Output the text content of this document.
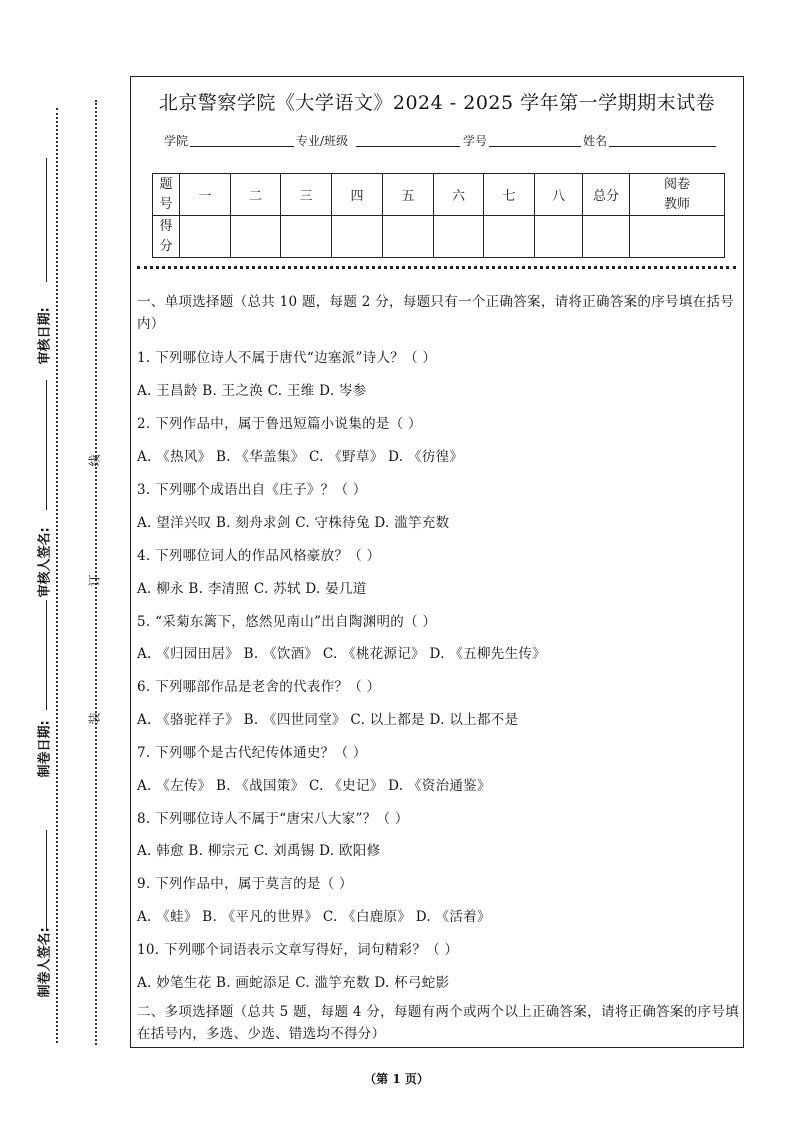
审核日期:
审核人签名:
制卷日期:
制卷人签名:
线
订
装
北京警察学院《大学语文》2024 - 2025 学年第一学期期末试卷
学院	专业/班级	学号	姓名
题号	一	二	三	四	五	六	七	八	总分	阅卷教师
得分										
一、单项选择题（总共 10 题，每题 2 分，每题只有一个正确答案，请将正确答案的序号填在括号内）
1. 下列哪位诗人不属于唐代“边塞派”诗人？（ ）
A. 王昌龄 B. 王之涣 C. 王维 D. 岑参
2. 下列作品中，属于鲁迅短篇小说集的是（ ）
A. 《热风》 B. 《华盖集》 C. 《野草》 D. 《彷徨》
3. 下列哪个成语出自《庄子》？（ ）
A. 望洋兴叹 B. 刻舟求剑 C. 守株待兔 D. 滥竽充数
4. 下列哪位词人的作品风格豪放？（ ）
A. 柳永 B. 李清照 C. 苏轼 D. 晏几道
5. “采菊东篱下，悠然见南山”出自陶渊明的（ ）
A. 《归园田居》 B. 《饮酒》 C. 《桃花源记》 D. 《五柳先生传》
6. 下列哪部作品是老舍的代表作？（ ）
A. 《骆驼祥子》 B. 《四世同堂》 C. 以上都是 D. 以上都不是
7. 下列哪个是古代纪传体通史？（ ）
A. 《左传》 B. 《战国策》 C. 《史记》 D. 《资治通鉴》
8. 下列哪位诗人不属于“唐宋八大家”？（ ）
A. 韩愈 B. 柳宗元 C. 刘禹锡 D. 欧阳修
9. 下列作品中，属于莫言的是（ ）
A. 《蛙》 B. 《平凡的世界》 C. 《白鹿原》 D. 《活着》
10. 下列哪个词语表示文章写得好，词句精彩？（ ）
A. 妙笔生花 B. 画蛇添足 C. 滥竽充数 D. 杯弓蛇影
二、多项选择题（总共 5 题，每题 4 分，每题有两个或两个以上正确答案，请将正确答案的序号填在括号内，多选、少选、错选均不得分）
（第 1 页）
